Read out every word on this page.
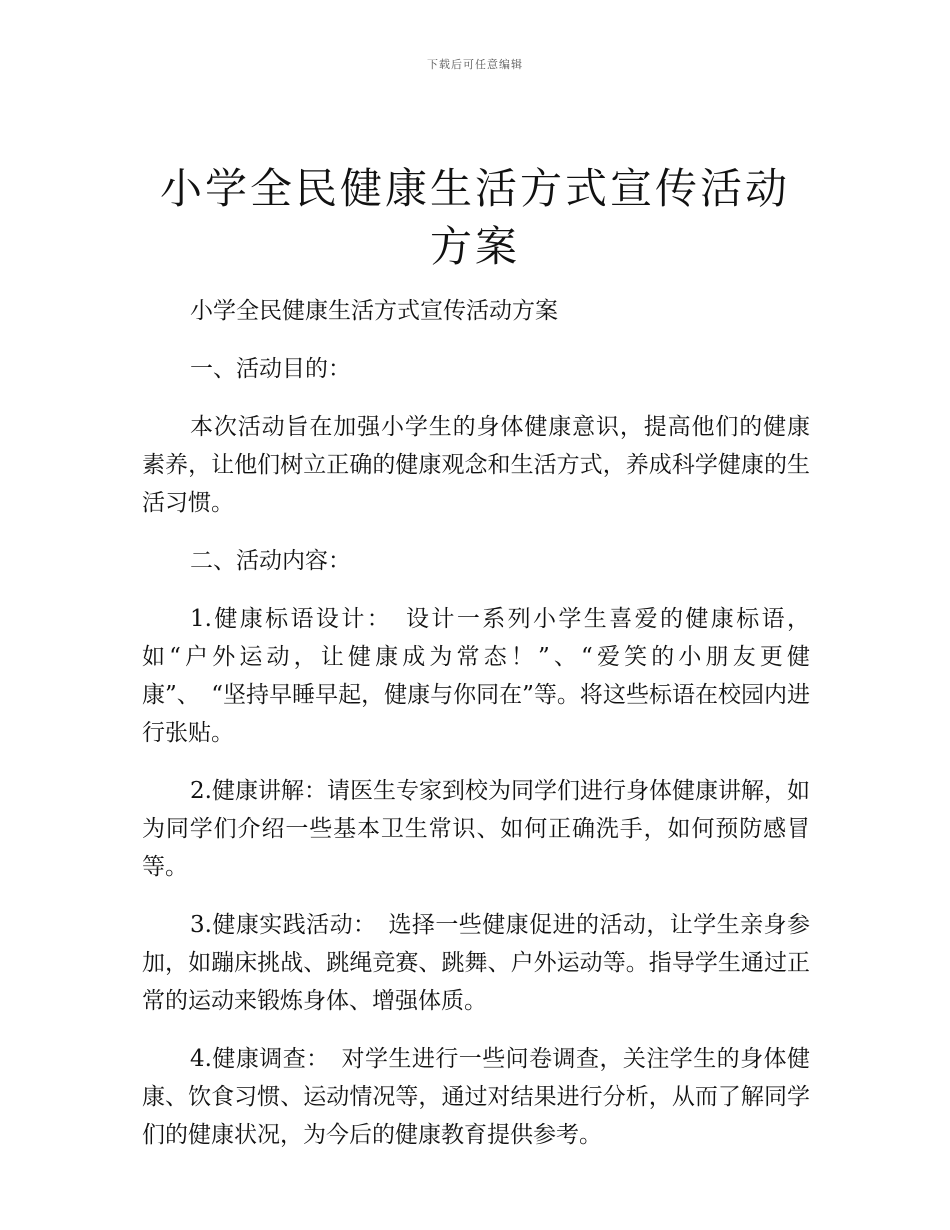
下载后可任意编辑
小学全民健康生活方式宣传活动方案

小学全民健康生活方式宣传活动方案

一、活动目的：

本次活动旨在加强小学生的身体健康意识，提高他们的健康素养，让他们树立正确的健康观念和生活方式，养成科学健康的生活习惯。

二、活动内容：

1.健康标语设计：　设计一系列小学生喜爱的健康标语，如“户外运动，让健康成为常态！”、“爱笑的小朋友更健康”、　“坚持早睡早起，健康与你同在”等。将这些标语在校园内进行张贴。

2.健康讲解：请医生专家到校为同学们进行身体健康讲解，如为同学们介绍一些基本卫生常识、如何正确洗手，如何预防感冒等。

3.健康实践活动：　选择一些健康促进的活动，让学生亲身参加，如蹦床挑战、跳绳竞赛、跳舞、户外运动等。指导学生通过正常的运动来锻炼身体、增强体质。

4.健康调查：　对学生进行一些问卷调查，关注学生的身体健康、饮食习惯、运动情况等，通过对结果进行分析，从而了解同学们的健康状况，为今后的健康教育提供参考。
